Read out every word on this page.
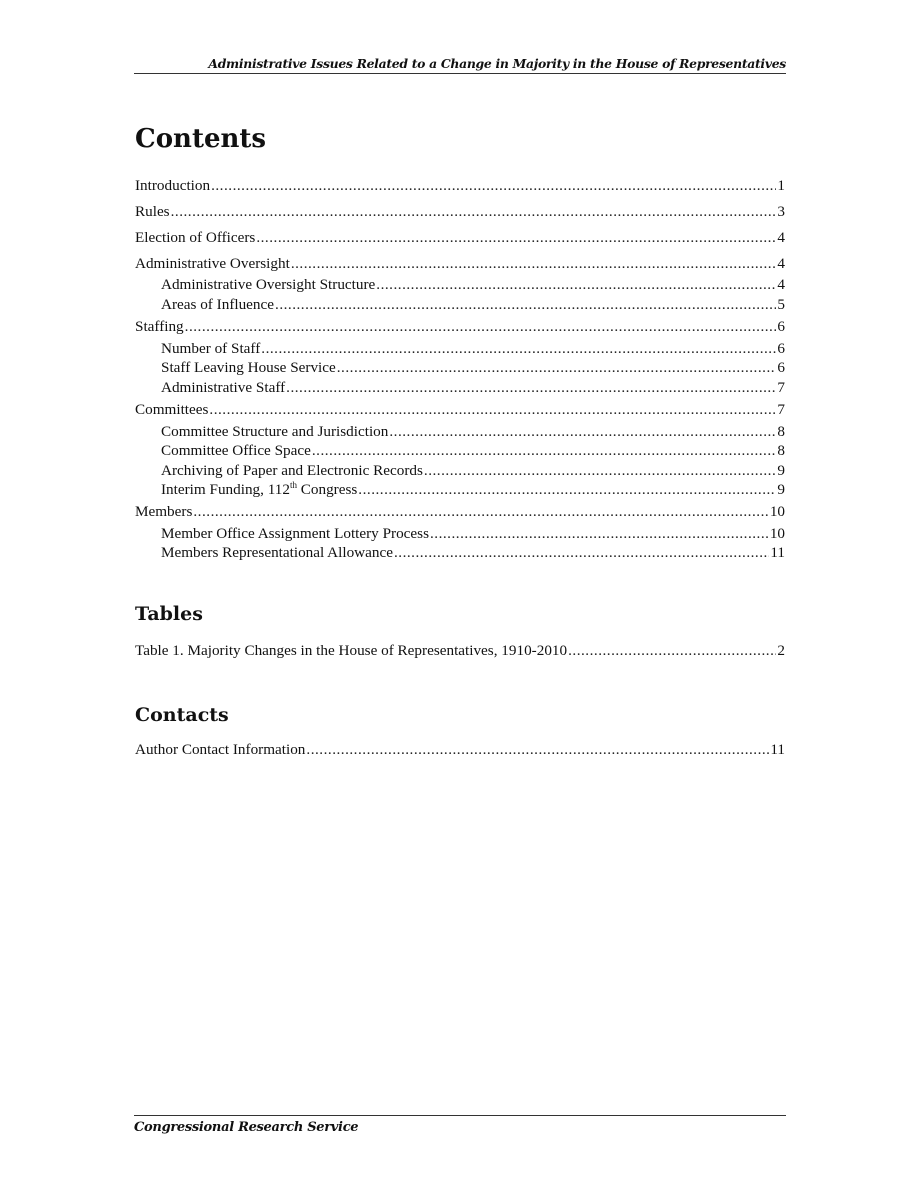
Administrative Issues Related to a Change in Majority in the House of Representatives
Contents
Introduction .....	1
Rules .....	3
Election of Officers .....	4
Administrative Oversight .....	4
Administrative Oversight Structure .....	4
Areas of Influence .....	5
Staffing .....	6
Number of Staff .....	6
Staff Leaving House Service .....	6
Administrative Staff .....	7
Committees .....	7
Committee Structure and Jurisdiction .....	8
Committee Office Space .....	8
Archiving of Paper and Electronic Records .....	9
Interim Funding, 112th Congress .....	9
Members .....	10
Member Office Assignment Lottery Process .....	10
Members Representational Allowance .....	11
Tables
Table 1. Majority Changes in the House of Representatives, 1910-2010 .....	2
Contacts
Author Contact Information .....	11
Congressional Research Service
